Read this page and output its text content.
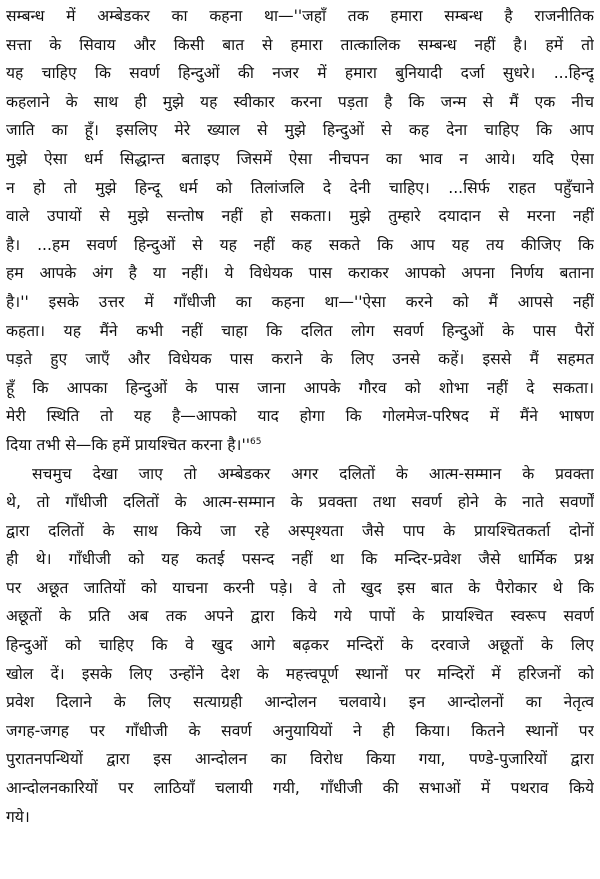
सम्बन्ध में अम्बेडकर का कहना था—''जहाँ तक हमारा सम्बन्ध है राजनीतिक
सत्ता के सिवाय और किसी बात से हमारा तात्कालिक सम्बन्ध नहीं है। हमें तो
यह चाहिए कि सवर्ण हिन्दुओं की नजर में हमारा बुनियादी दर्जा सुधरे। ...हिन्दू
कहलाने के साथ ही मुझे यह स्वीकार करना पड़ता है कि जन्म से मैं एक नीच
जाति का हूँ। इसलिए मेरे ख्याल से मुझे हिन्दुओं से कह देना चाहिए कि आप
मुझे ऐसा धर्म सिद्धान्त बताइए जिसमें ऐसा नीचपन का भाव न आये। यदि ऐसा
न हो तो मुझे हिन्दू धर्म को तिलांजलि दे देनी चाहिए। ...सिर्फ राहत पहुँचाने
वाले उपायों से मुझे सन्तोष नहीं हो सकता। मुझे तुम्हारे दयादान से मरना नहीं
है। ...हम सवर्ण हिन्दुओं से यह नहीं कह सकते कि आप यह तय कीजिए कि
हम आपके अंग है या नहीं। ये विधेयक पास कराकर आपको अपना निर्णय बताना
है।'' इसके उत्तर में गाँधीजी का कहना था—''ऐसा करने को मैं आपसे नहीं
कहता। यह मैंने कभी नहीं चाहा कि दलित लोग सवर्ण हिन्दुओं के पास पैरों
पड़ते हुए जाएँ और विधेयक पास कराने के लिए उनसे कहें। इससे मैं सहमत
हूँ कि आपका हिन्दुओं के पास जाना आपके गौरव को शोभा नहीं दे सकता।
मेरी स्थिति तो यह है—आपको याद होगा कि गोलमेज-परिषद में मैंने भाषण
दिया तभी से—कि हमें प्रायश्चित करना है।''$^{65}$
सचमुच देखा जाए तो अम्बेडकर अगर दलितों के आत्म-सम्मान के प्रवक्ता
थे, तो गाँधीजी दलितों के आत्म-सम्मान के प्रवक्ता तथा सवर्ण होने के नाते सवर्णों
द्वारा दलितों के साथ किये जा रहे अस्पृश्यता जैसे पाप के प्रायश्चितकर्ता दोनों
ही थे। गाँधीजी को यह कतई पसन्द नहीं था कि मन्दिर-प्रवेश जैसे धार्मिक प्रश्न
पर अछूत जातियों को याचना करनी पड़े। वे तो खुद इस बात के पैरोकार थे कि
अछूतों के प्रति अब तक अपने द्वारा किये गये पापों के प्रायश्चित स्वरूप सवर्ण
हिन्दुओं को चाहिए कि वे खुद आगे बढ़कर मन्दिरों के दरवाजे अछूतों के लिए
खोल दें। इसके लिए उन्होंने देश के महत्त्वपूर्ण स्थानों पर मन्दिरों में हरिजनों को
प्रवेश दिलाने के लिए सत्याग्रही आन्दोलन चलवाये। इन आन्दोलनों का नेतृत्व
जगह-जगह पर गाँधीजी के सवर्ण अनुयायियों ने ही किया। कितने स्थानों पर
पुरातनपन्थियों द्वारा इस आन्दोलन का विरोध किया गया, पण्डे-पुजारियों द्वारा
आन्दोलनकारियों पर लाठियाँ चलायी गयी, गाँधीजी की सभाओं में पथराव किये
गये।
